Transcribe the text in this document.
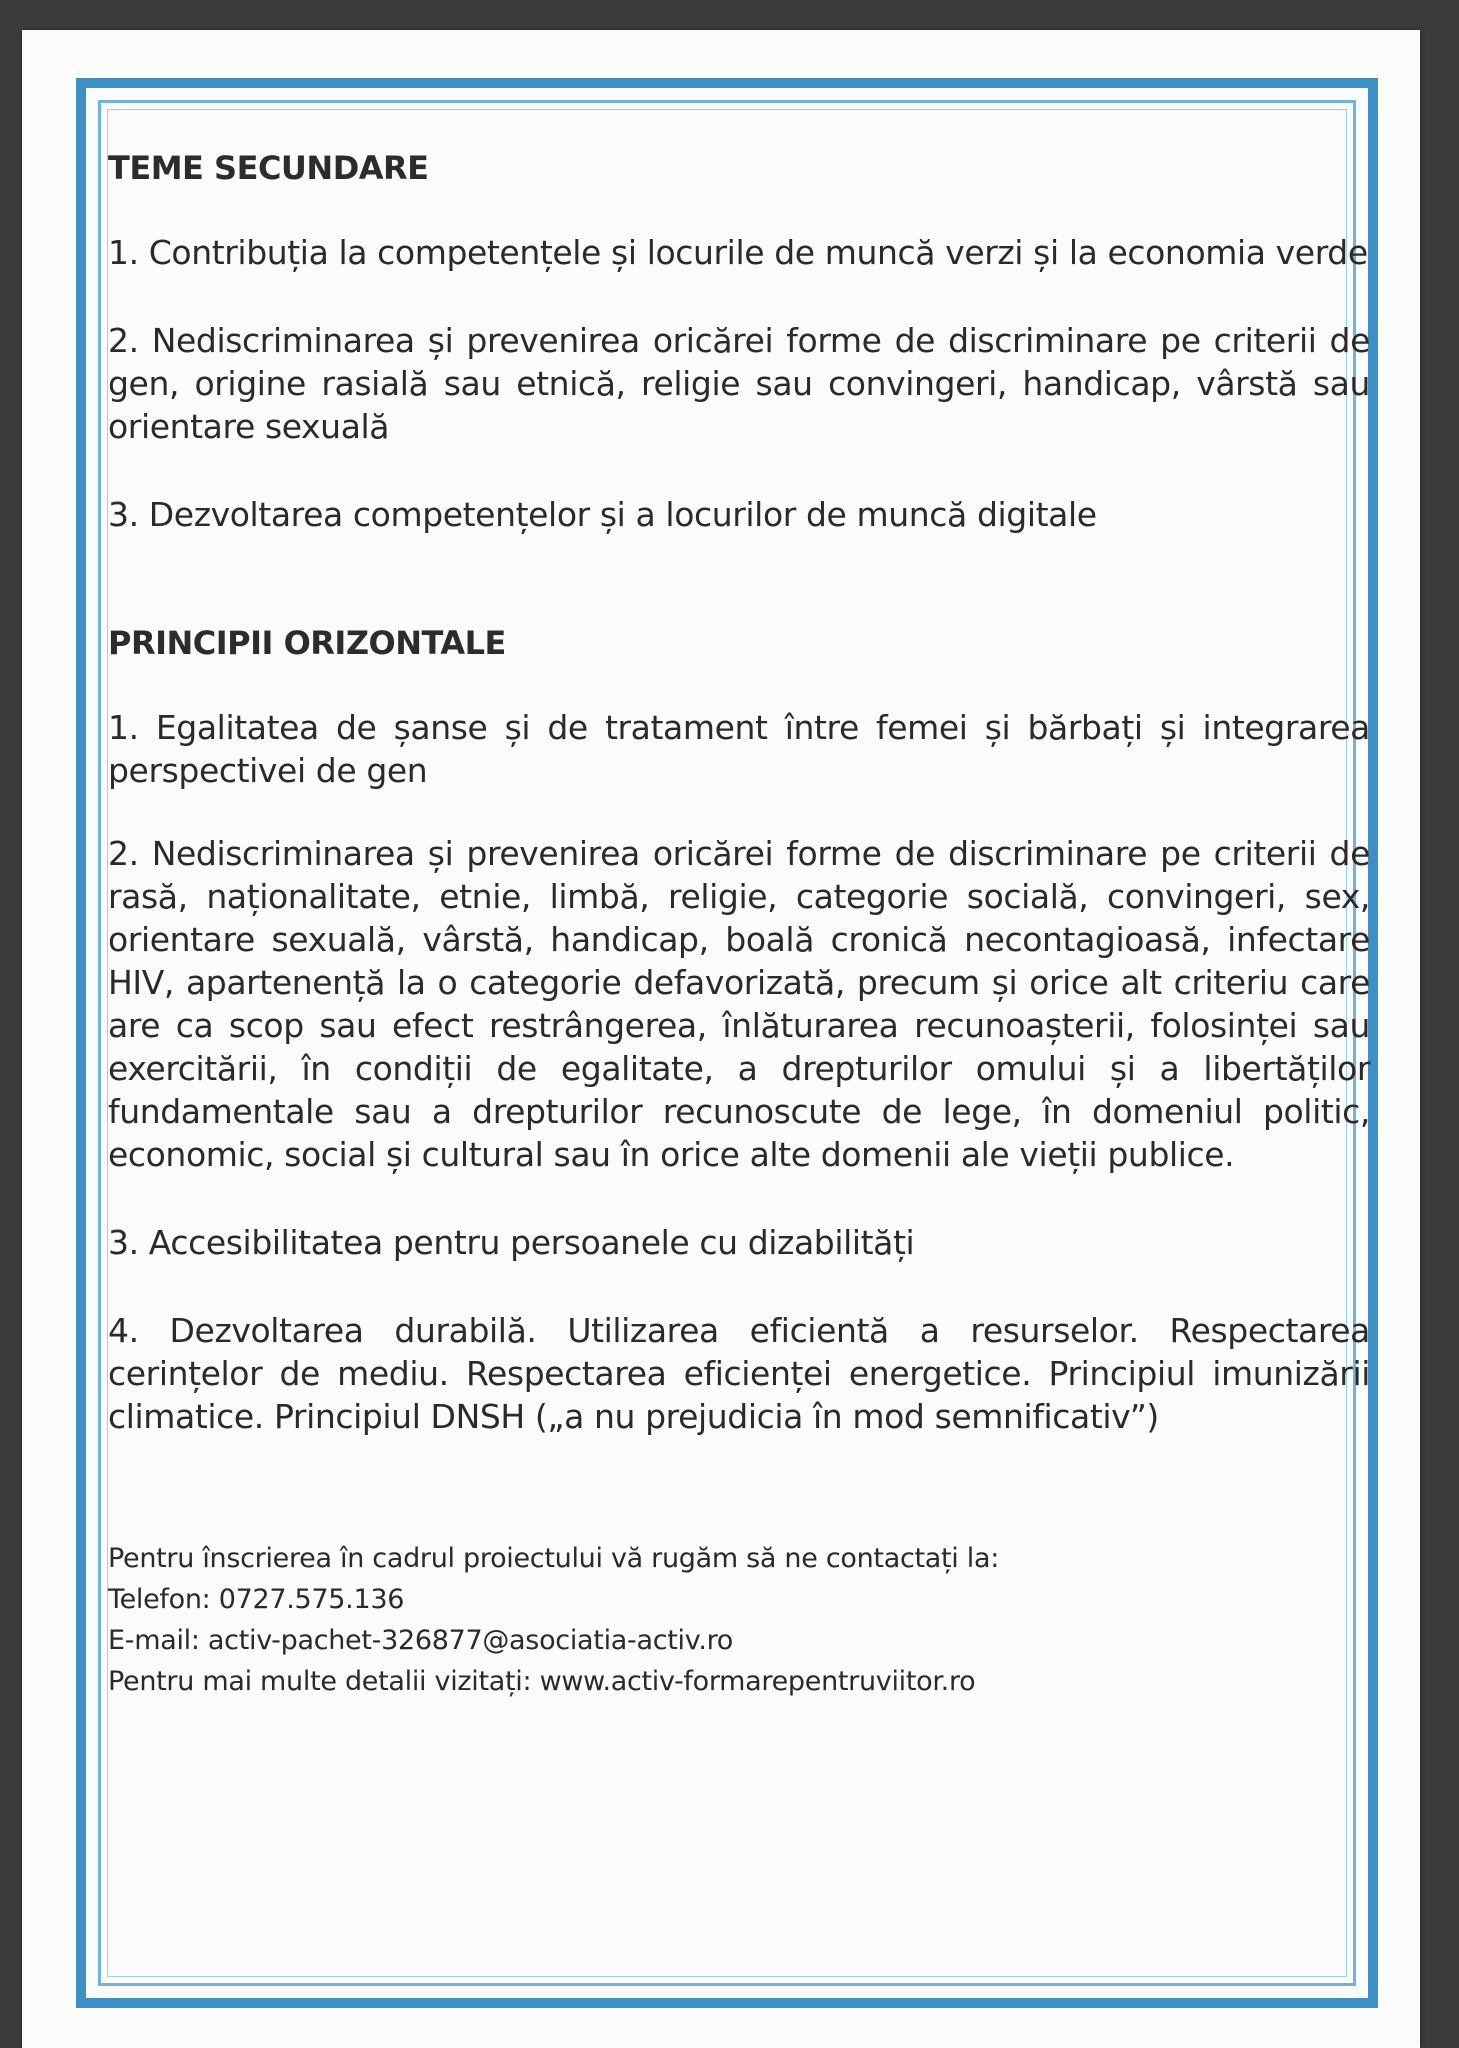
TEME SECUNDARE

1. Contribuția la competențele și locurile de muncă verzi și la economia verde

2. Nediscriminarea și prevenirea oricărei forme de discriminare pe criterii de gen, origine rasială sau etnică, religie sau convingeri, handicap, vârstă sau orientare sexuală

3. Dezvoltarea competențelor și a locurilor de muncă digitale

PRINCIPII ORIZONTALE

1. Egalitatea de șanse și de tratament între femei și bărbați și integrarea perspectivei de gen

2. Nediscriminarea și prevenirea oricărei forme de discriminare pe criterii de rasă, naționalitate, etnie, limbă, religie, categorie socială, convingeri, sex, orientare sexuală, vârstă, handicap, boală cronică necontagioasă, infectare HIV, apartenență la o categorie defavorizată, precum și orice alt criteriu care are ca scop sau efect restrângerea, înlăturarea recunoașterii, folosinței sau exercitării, în condiții de egalitate, a drepturilor omului și a libertăților fundamentale sau a drepturilor recunoscute de lege, în domeniul politic, economic, social și cultural sau în orice alte domenii ale vieții publice.

3. Accesibilitatea pentru persoanele cu dizabilități

4. Dezvoltarea durabilă. Utilizarea eficientă a resurselor. Respectarea cerințelor de mediu. Respectarea eficienței energetice. Principiul imunizării climatice. Principiul DNSH („a nu prejudicia în mod semnificativ”)

Pentru înscrierea în cadrul proiectului vă rugăm să ne contactați la:

Telefon: 0727.575.136

E-mail: activ-pachet-326877@asociatia-activ.ro

Pentru mai multe detalii vizitați: www.activ-formarepentruviitor.ro
